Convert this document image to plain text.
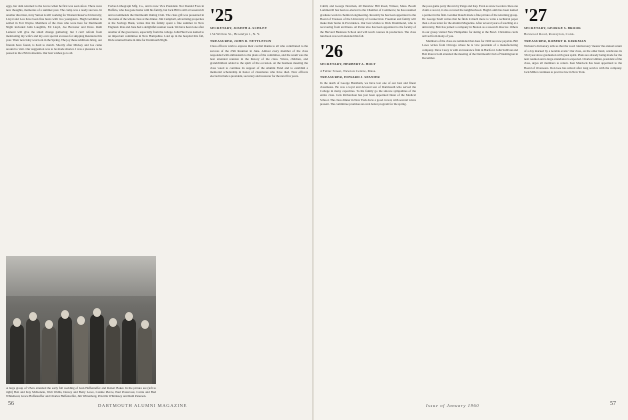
eggs, her dam returned to the Grove when he first was seen afoot. There were new thoughts, memories of a summer past. The camp was a ready success. In another direction, Jerry Sutton is still working for Western Reserve University; Lloyd and Lou have been fine hosts with two youngsters. Hugh Goldman is settled in Fort Wayne. Members of the class who were here for Dartmouth Night included John Laughlin, Ed Lloyd, Joe Brewster and Dave. Ruth Lamont will give the small change gathering; but I can't refrain from mentioning my wife's and my own special excuses for skipping Reunions this year. Their new baby was born in the Spring. The joy these additions bring, our friends have found, is hard to match. Shortly after Mickey and Joe came around to visit. Our suggestion was to be made shorter. I was a pleasure to be passed to the 25th in absentia. Our best wishes go to all.

Forbes Lithograph Mfg. Co., and is now Vice President. Not Donald Eves in Buffalo, who has gone home with his family, but Jack Hill is still at Greenwich and recommends the Dartmouth Outing Club. The class gift was presented in the name of the whole class at the dinner. Jim Campbell, advertising properties at the Savings Bank, writes that his family spent a fine summer in New England. Pete and Jane had a delightful reunion week. We have heard one after another of the great news, especially from the college. John Hurd was named to an important committee in New Hampshire. Laid up in the hospital this fall, Dick returned home in time for Dartmouth Night.

'25
SECRETARY, JOSEPH A. SCHLEY
154 Willow St., Brooklyn 1, N. Y.
TREASURER, JOHN D. NETTLETON

Class officers wish to express their cordial thanks to all who contributed to the success of the 25th Reunion in June. Almost every member of the class responded with enthusiasm to the plans of the committee, and the result was the best attended reunion in the history of the class. Wives, children, and grandchildren added to the spirit of the occasion. At the business meeting the class voted to continue its support of the Alumni Fund and to establish a memorial scholarship in honor of classmates who have died. New officers elected include a president, secretary and treasurer for the next five years.

A large group of '25ers attended the early fall wedding of Jean Haffenreffer and Robert Baker. In the picture are (left to right) Bob and Kay McKenzie, Walt Wallis, Dewey and Betty Lowe, Connie Pierce, Paul Pronovost, Carrie and Bud Whitehead, Grace Haffenreffer and Charles Haffenreffer, Jim Wittenberg, Priscilla Whittlesey and Ruth Petersen.
56	DARTMOUTH ALUMNI MAGAZINE

Cahill, and George Newman, 40 Denslow Hill Road, Winsor, Mass. Booth Lommerrill has been re-elected to the Chamber of Commerce; he has resumed graduate work in chemical engineering. Recently he has been appointed to the Board of Trustees of the University of Connecticut. Freeman and family will make their home in Providence. Our best wishes to Dick Drummond, who is recovering from an illness. Al Parter also has been appointed to the faculty of the Harvard Business School and will teach courses in production. The class luncheon was well attended this fall.

'26
SECRETARY, HERBERT A. HOLT
4 Fuller Street, Newton Centre, Mass.
TREASURER, EDWARD J. SPANIER

In the death of George Burnham, we have lost one of our best and finest classmates. He was a loyal and devoted son of Dartmouth who served the College in many capacities. To his family go the sincere sympathies of the entire class. Jack Richardson has just been appointed Dean of the Medical School. The class dinner in New York drew a good crowd, with several wives present. The committee promises an even better program for the spring.

the post-game party thrown by Paige and Kay. Even as snow Gordon cities one claim a record, it also covered the neighborhood. Hugh Lamb has been named a partner in the firm. Gardner Rauch made a fine picture of the returning group. Dr. George Snell writes that he finds it much more to write a technical paper than a class letter for the Alumni Magazine. After several years of teaching at a university, Bob has joined a company in Boston as a research director. Others in our group visited New Hampshire for skiing at the Bowl. Christmas cards arrived from many of you.

Members of the class are reminded that dues for 1960 are now payable. Bill Lowe writes from Chicago where he is vice president of a manufacturing company. Dave Carey is with an insurance firm in Hartford. John Sullivan and Bob Pearce both attended the meeting of the Dartmouth Club of Washington in December.

'27
SECRETARY, GEORGE S. BROOK
Boxwood Road, Rowayton, Conn.
TREASURER, ROBERT R. KIRKMAN

Webster's dictionary tells us that the word 'anniversary' means 'the annual return of a day marked by a notable event.' Our class, on the other hand, celebrates its 33rd year since graduation with great spirit. Plans are already being made for the next reunion and a large attendance is expected. Charles Gilman, president of the class, urges all members to return. Ken Murdock has been appointed to the Board of Overseers. Don Gee has retired after long service with the company. Jack Miller continues to practice law in New York.

Issue of January 1960	57
